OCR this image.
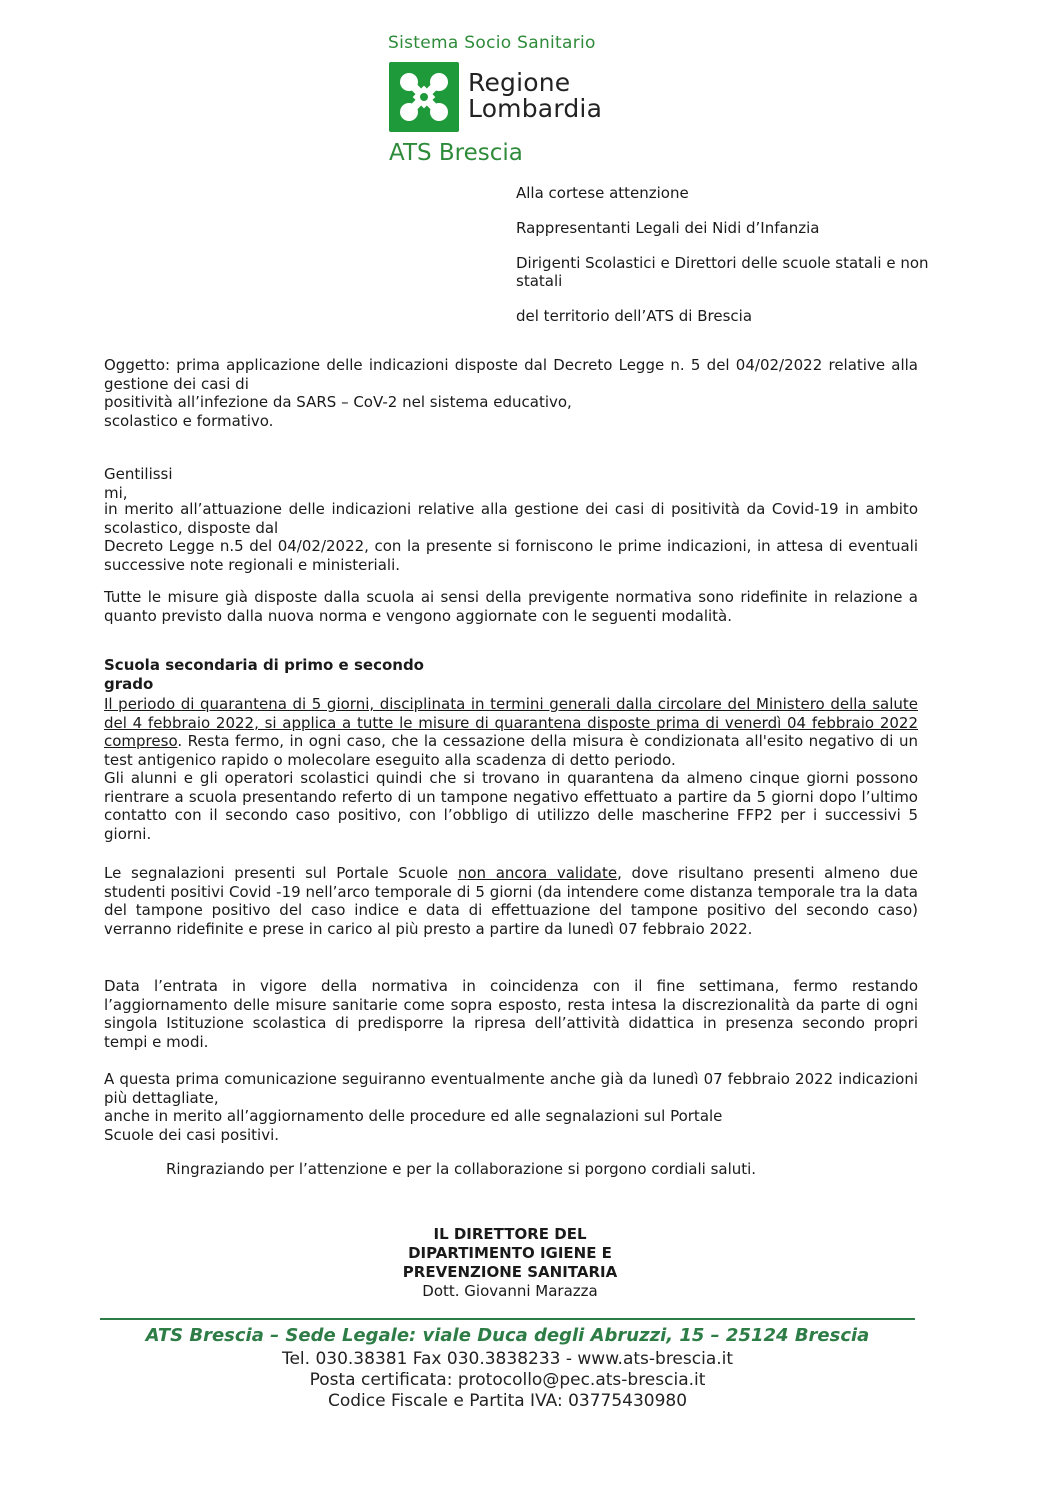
Sistema Socio Sanitario
Regione
Lombardia
ATS Brescia

Alla cortese attenzione

Rappresentanti Legali dei Nidi d’Infanzia

Dirigenti Scolastici e Direttori delle scuole statali e non statali

del territorio dell’ATS di Brescia

Oggetto: prima applicazione delle indicazioni disposte dal Decreto Legge n. 5 del 04/02/2022 relative alla gestione dei casi di

positività all’infezione da SARS – CoV-2 nel sistema educativo,

scolastico e formativo.

Gentilissimi,

in merito all’attuazione delle indicazioni relative alla gestione dei casi di positività da Covid-19 in ambito scolastico, disposte dal

Decreto Legge n.5 del 04/02/2022, con la presente si forniscono le prime indicazioni, in attesa di eventuali successive note regionali e ministeriali.

Tutte le misure già disposte dalla scuola ai sensi della previgente normativa sono ridefinite in relazione a quanto previsto dalla nuova norma e vengono aggiornate con le seguenti modalità.

Scuola secondaria di primo e secondo grado

Il periodo di quarantena di 5 giorni, disciplinata in termini generali dalla circolare del Ministero della salute del 4 febbraio 2022, si applica a tutte le misure di quarantena disposte prima di venerdì 04 febbraio 2022 compreso. Resta fermo, in ogni caso, che la cessazione della misura è condizionata all'esito negativo di un test antigenico rapido o molecolare eseguito alla scadenza di detto periodo.

Gli alunni e gli operatori scolastici quindi che si trovano in quarantena da almeno cinque giorni possono rientrare a scuola presentando referto di un tampone negativo effettuato a partire da 5 giorni dopo l’ultimo contatto con il secondo caso positivo, con l’obbligo di utilizzo delle mascherine FFP2 per i successivi 5 giorni.

Le segnalazioni presenti sul Portale Scuole non ancora validate, dove risultano presenti almeno due studenti positivi Covid -19 nell’arco temporale di 5 giorni (da intendere come distanza temporale tra la data del tampone positivo del caso indice e data di effettuazione del tampone positivo del secondo caso) verranno ridefinite e prese in carico al più presto a partire da lunedì 07 febbraio 2022.

Data l’entrata in vigore della normativa in coincidenza con il fine settimana, fermo restando l’aggiornamento delle misure sanitarie come sopra esposto, resta intesa la discrezionalità da parte di ogni singola Istituzione scolastica di predisporre la ripresa dell’attività didattica in presenza secondo propri tempi e modi.

A questa prima comunicazione seguiranno eventualmente anche già da lunedì 07 febbraio 2022 indicazioni più dettagliate,

anche in merito all’aggiornamento delle procedure ed alle segnalazioni sul Portale

Scuole dei casi positivi.

Ringraziando per l’attenzione e per la collaborazione si porgono cordiali saluti.
IL DIRETTORE DEL
DIPARTIMENTO IGIENE E
PREVENZIONE SANITARIA
Dott. Giovanni Marazza
ATS Brescia – Sede Legale: viale Duca degli Abruzzi, 15 – 25124 Brescia
Tel. 030.38381 Fax 030.3838233 - www.ats-brescia.it
Posta certificata: protocollo@pec.ats-brescia.it
Codice Fiscale e Partita IVA: 03775430980
